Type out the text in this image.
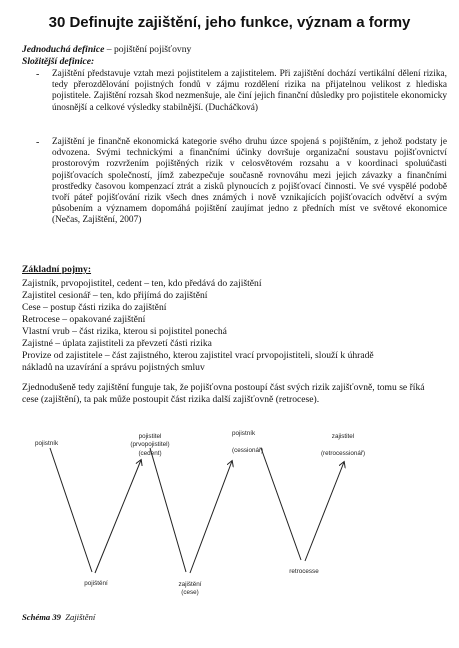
30 Definujte zajištění, jeho funkce, význam a formy
Jednoduchá definice – pojištění pojišťovny
Složitější definice:
- Zajištění představuje vztah mezi pojistitelem a zajistitelem. Při zajištění dochází vertikální dělení rizika, tedy přerozdělování pojistných fondů v zájmu rozdělení rizika na přijatelnou velikost z hlediska pojistitele. Zajištění rozsah škod nezmenšuje, ale činí jejich finanční důsledky pro pojistitele ekonomicky únosnější a celkové výsledky stabilnější. (Ducháčková)
- Zajištění je finančně ekonomická kategorie svého druhu úzce spojená s pojištěním, z jehož podstaty je odvozena. Svými technickými a finančními účinky dovršuje organizační soustavu pojišťovnictví prostorovým rozvržením pojištěných rizik v celosvětovém rozsahu a v koordinaci spoluúčasti pojišťovacích společností, jímž zabezpečuje současně rovnováhu mezi jejich závazky a finančními prostředky časovou kompenzací ztrát a zisků plynoucích z pojišťovací činnosti. Ve své vyspělé podobě tvoří páteř pojišťování rizik všech dnes známých i nově vznikajících pojišťovacích odvětví a svým působením a významem dopomáhá pojištění zaujímat jedno z předních míst ve světové ekonomice (Nečas, Zajištění, 2007)
Základní pojmy:
Zajistník, prvopojistitel, cedent – ten, kdo předává do zajištění
Zajistitel cesionář – ten, kdo přijímá do zajištění
Cese – postup části rizika do zajištění
Retrocese – opakované zajištění
Vlastní vrub – část rizika, kterou si pojistitel ponechá
Zajistné – úplata zajistiteli za převzetí části rizika
Provize od zajistitele – část zajistného, kterou zajistitel vrací prvopojistiteli, slouží k úhradě
nákladů na uzavírání a správu pojistných smluv
Zjednodušeně tedy zajištění funguje tak, že pojišťovna postoupí část svých rizik zajišťovně, tomu se říká cese (zajištění), ta pak může postoupit část rizika další zajišťovně (retrocese).
pojistník
pojistitel
(prvopojistitel)
(cedent)
pojistník
(cessionář)
zajistitel
(retrocessionář)
pojištění	zajištění
(cese)
retrocesse
Schéma 39 Zajištění
